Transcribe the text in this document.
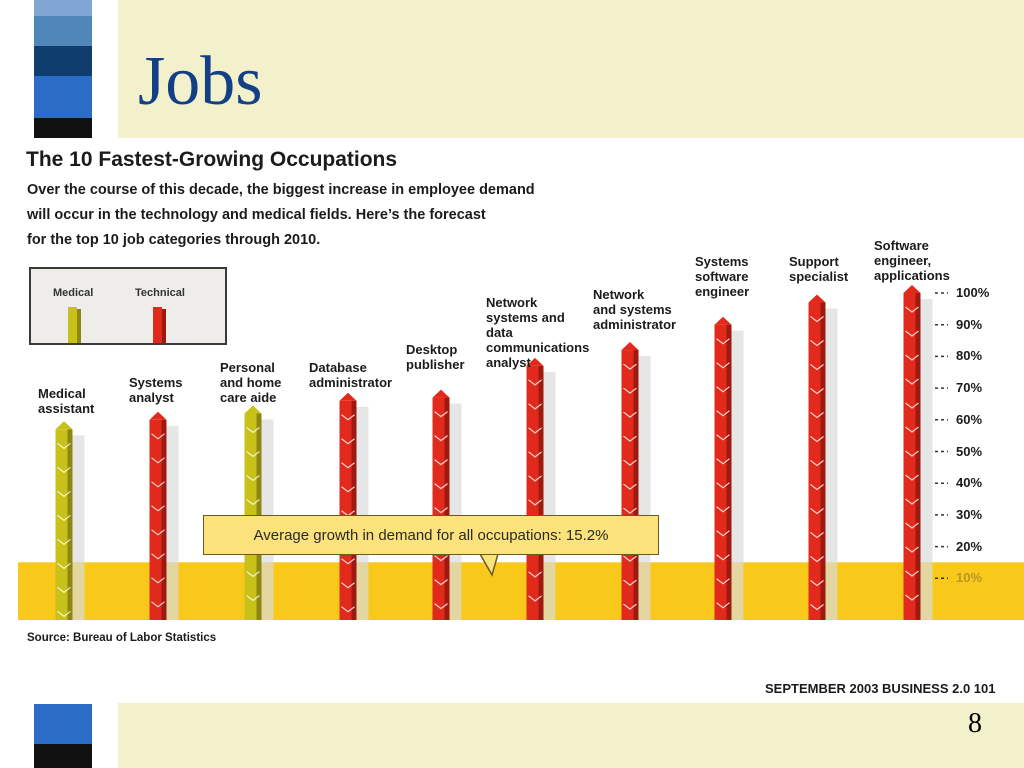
Jobs
The 10 Fastest-Growing Occupations
Over the course of this decade, the biggest increase in employee demand
will occur in the technology and medical fields. Here’s the forecast
for the top 10 job categories through 2010.
Medical	Technical
Medical
assistant
Systems
analyst
Personal
and home
care aide
Database
administrator
Desktop
publisher
Network
systems and
data
communications
analyst
Network
and systems
administrator
Systems
software
engineer
Support
specialist
Software
engineer,
applications
10%
20%
30%
40%
50%
60%
70%
80%
90%
100%
Average growth in demand for all occupations: 15.2%
Source: Bureau of Labor Statistics
SEPTEMBER 2003 BUSINESS 2.0 101
8
